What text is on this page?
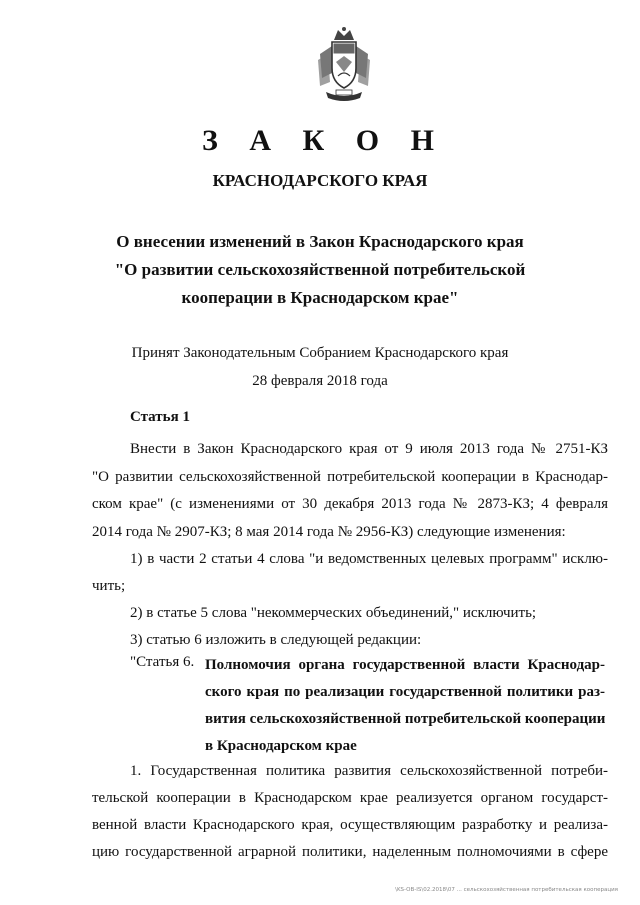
З А К О Н
КРАСНОДАРСКОГО КРАЯ
О внесении изменений в Закон Краснодарского края
"О развитии сельскохозяйственной потребительской
кооперации в Краснодарском крае"
Принят Законодательным Собранием Краснодарского края
28 февраля 2018 года
Статья 1
Внести в Закон Краснодарского края от 9 июля 2013 года № 2751-КЗ
"О развитии сельскохозяйственной потребительской кооперации в Краснодар-
ском крае" (с изменениями от 30 декабря 2013 года № 2873-КЗ; 4 февраля
2014 года № 2907-КЗ; 8 мая 2014 года № 2956-КЗ) следующие изменения:
1) в части 2 статьи 4 слова "и ведомственных целевых программ" исклю-
чить;
2) в статье 5 слова "некоммерческих объединений," исключить;
3) статью 6 изложить в следующей редакции:
"Статья 6. Полномочия органа государственной власти Краснодар-
ского края по реализации государственной политики раз-
вития сельскохозяйственной потребительской кооперации
в Краснодарском крае
1. Государственная политика развития сельскохозяйственной потреби-
тельской кооперации в Краснодарском крае реализуется органом государст-
венной власти Краснодарского края, осуществляющим разработку и реализа-
цию государственной аграрной политики, наделенным полномочиями в сфере
\KS-OB-IS\02.2018\07 ... сельскохозяйственная потребительская кооперация
